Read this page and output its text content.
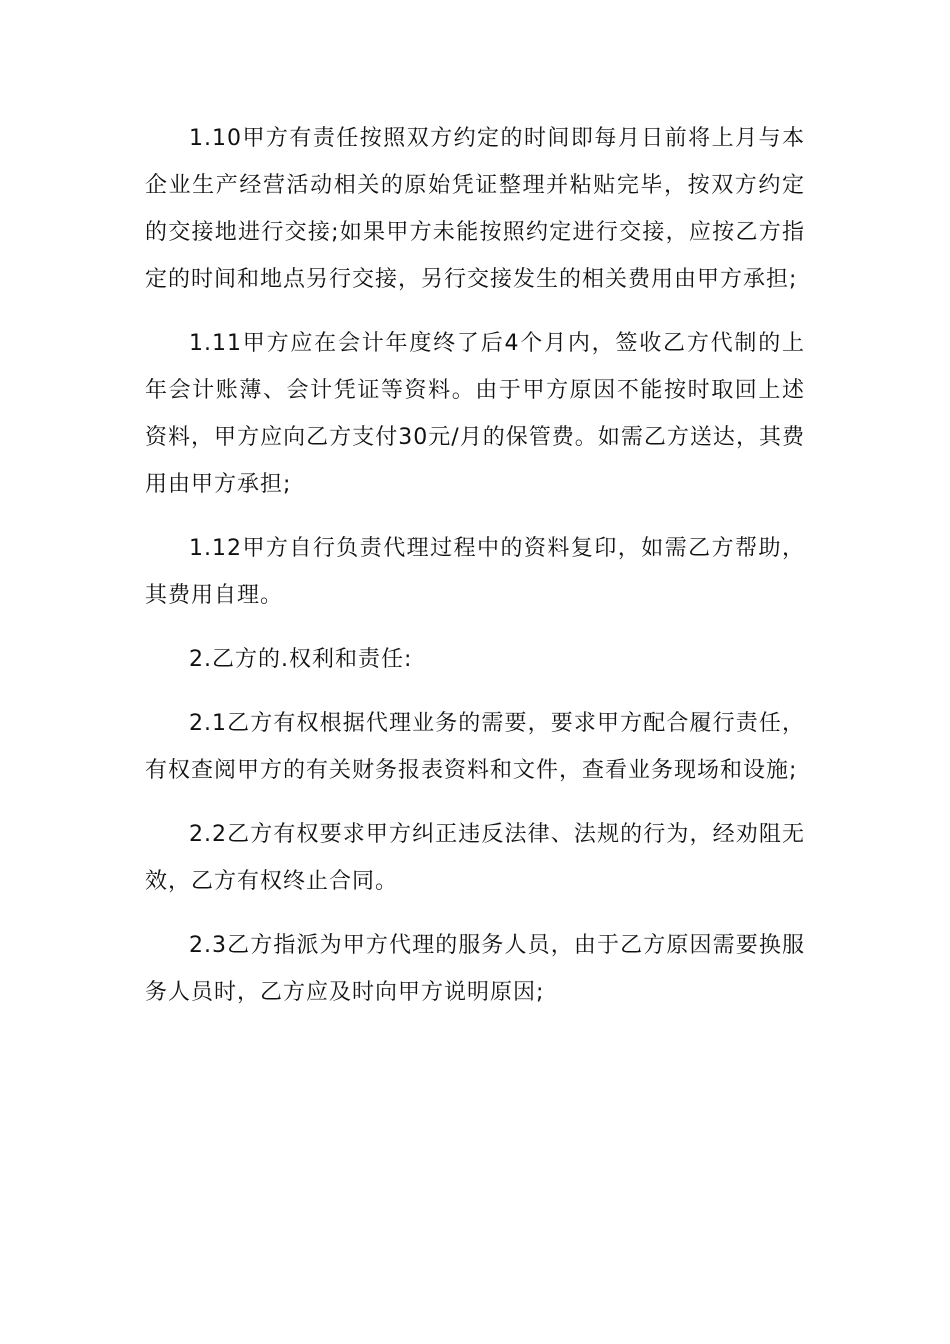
1.10甲方有责任按照双方约定的时间即每月日前将上月与本企业生产经营活动相关的原始凭证整理并粘贴完毕，按双方约定的交接地进行交接;如果甲方未能按照约定进行交接，应按乙方指定的时间和地点另行交接，另行交接发生的相关费用由甲方承担;

1.11甲方应在会计年度终了后4个月内，签收乙方代制的上年会计账薄、会计凭证等资料。由于甲方原因不能按时取回上述资料，甲方应向乙方支付30元/月的保管费。如需乙方送达，其费用由甲方承担;

1.12甲方自行负责代理过程中的资料复印，如需乙方帮助，其费用自理。

2.乙方的.权利和责任:

2.1乙方有权根据代理业务的需要，要求甲方配合履行责任，有权查阅甲方的有关财务报表资料和文件，查看业务现场和设施;

2.2乙方有权要求甲方纠正违反法律、法规的行为，经劝阻无效，乙方有权终止合同。

2.3乙方指派为甲方代理的服务人员，由于乙方原因需要换服务人员时，乙方应及时向甲方说明原因;
